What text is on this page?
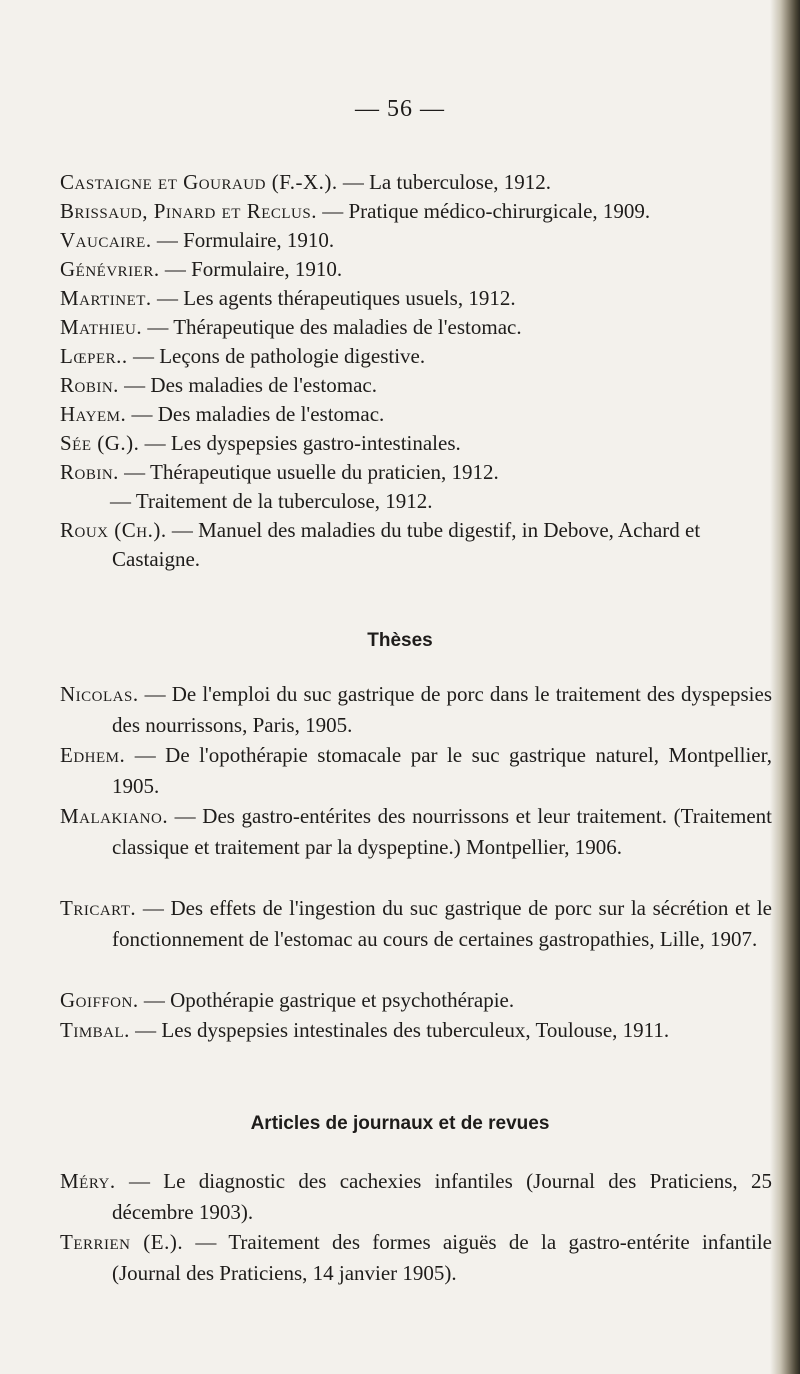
— 56 —
Castaigne et Gouraud (F.-X.). — La tuberculose, 1912.
Brissaud, Pinard et Reclus. — Pratique médico-chirurgicale, 1909.
Vaucaire. — Formulaire, 1910.
Génévrier. — Formulaire, 1910.
Martinet. — Les agents thérapeutiques usuels, 1912.
Mathieu. — Thérapeutique des maladies de l'estomac.
Lœper.. — Leçons de pathologie digestive.
Robin. — Des maladies de l'estomac.
Hayem. — Des maladies de l'estomac.
Sée (G.). — Les dyspepsies gastro-intestinales.
Robin. — Thérapeutique usuelle du praticien, 1912.
— Traitement de la tuberculose, 1912.
Roux (Ch.). — Manuel des maladies du tube digestif, in Debove, Achard et Castaigne.
Thèses
Nicolas. — De l'emploi du suc gastrique de porc dans le traitement des dyspepsies des nourrissons, Paris, 1905.
Edhem. — De l'opothérapie stomacale par le suc gastrique naturel, Montpellier, 1905.
Malakiano. — Des gastro-entérites des nourrissons et leur traitement. (Traitement classique et traitement par la dyspeptine.) Montpellier, 1906.
Tricart. — Des effets de l'ingestion du suc gastrique de porc sur la sécrétion et le fonctionnement de l'estomac au cours de certaines gastropathies, Lille, 1907.
Goiffon. — Opothérapie gastrique et psychothérapie.
Timbal. — Les dyspepsies intestinales des tuberculeux, Toulouse, 1911.
Articles de journaux et de revues
Méry. — Le diagnostic des cachexies infantiles (Journal des Praticiens, 25 décembre 1903).
Terrien (E.). — Traitement des formes aiguës de la gastro-entérite infantile (Journal des Praticiens, 14 janvier 1905).
